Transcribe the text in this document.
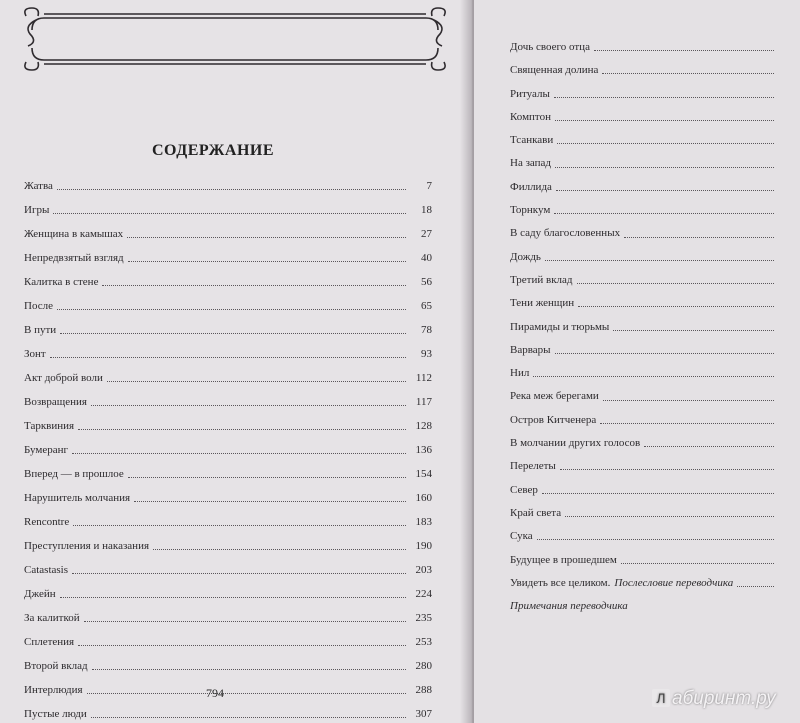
СОДЕРЖАНИЕ
Жатва	7
Игры	18
Женщина в камышах	27
Непредвзятый взгляд	40
Калитка в стене	56
После	65
В пути	78
Зонт	93
Акт доброй воли	112
Возвращения	117
Тарквиния	128
Бумеранг	136
Вперед — в прошлое	154
Нарушитель молчания	160
Rencontre	183
Преступления и наказания	190
Catastasis	203
Джейн	224
За калиткой	235
Сплетения	253
Второй вклад	280
Интерлюдия	288
Пустые люди	307
794
Дочь своего отца
Священная долина
Ритуалы
Комптон
Тсанкави
На запад
Филлида
Торнкум
В саду благословенных
Дождь
Третий вклад
Тени женщин
Пирамиды и тюрьмы
Варвары
Нил
Река меж берегами
Остров Китченера
В молчании других голосов
Перелеты
Север
Край света
Сука
Будущее в прошедшем
Увидеть все целиком. Послесловие переводчика
Примечания переводчика
Л абиринт.ру
